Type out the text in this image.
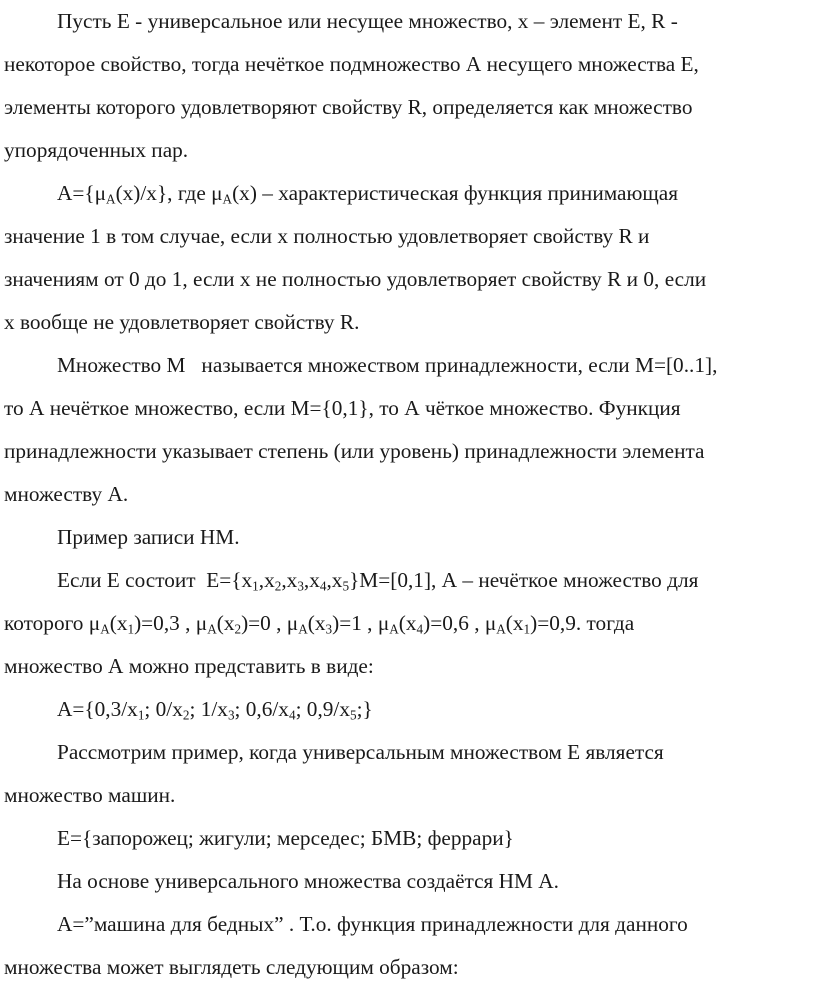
Пусть Е - универсальное или несущее множество, х – элемент Е, R -
некоторое свойство, тогда нечёткое подмножество А несущего множества Е,
элементы которого удовлетворяют свойству R, определяется как множество
упорядоченных пар.
$А=\{\mu_A(x)/x\}$, где $\mu_A(x)$ – характеристическая функция принимающая
значение 1 в том случае, если х полностью удовлетворяет свойству R и
значениям от 0 до 1, если х не полностью удовлетворяет свойству R и 0, если
х вообще не удовлетворяет свойству R.
Множество М   называется множеством принадлежности, если M=[0..1],
то А нечёткое множество, если M={0,1}, то А чёткое множество. Функция
принадлежности указывает степень (или уровень) принадлежности элемента
множеству А.
Пример записи НМ.
Если Е состоит  $E=\{x_1,x_2,x_3,x_4,x_5\}M=[0,1]$, А – нечёткое множество для
которого $\mu_A(x_1)=0,3$ , $\mu_A(x_2)=0$ , $\mu_A(x_3)=1$ , $\mu_A(x_4)=0,6$ , $\mu_A(x_1)=0,9$. тогда
множество А можно представить в виде:
$А=\{0,3/x_1$; $0/x_2$; $1/x_3$; $0,6/x_4$; $0,9/x_5$;}
Рассмотрим пример, когда универсальным множеством Е является
множество машин.
Е={запорожец; жигули; мерседес; БМВ; феррари}
На основе универсального множества создаётся НМ А.
А=”машина для бедных” . Т.о. функция принадлежности для данного
множества может выглядеть следующим образом:
